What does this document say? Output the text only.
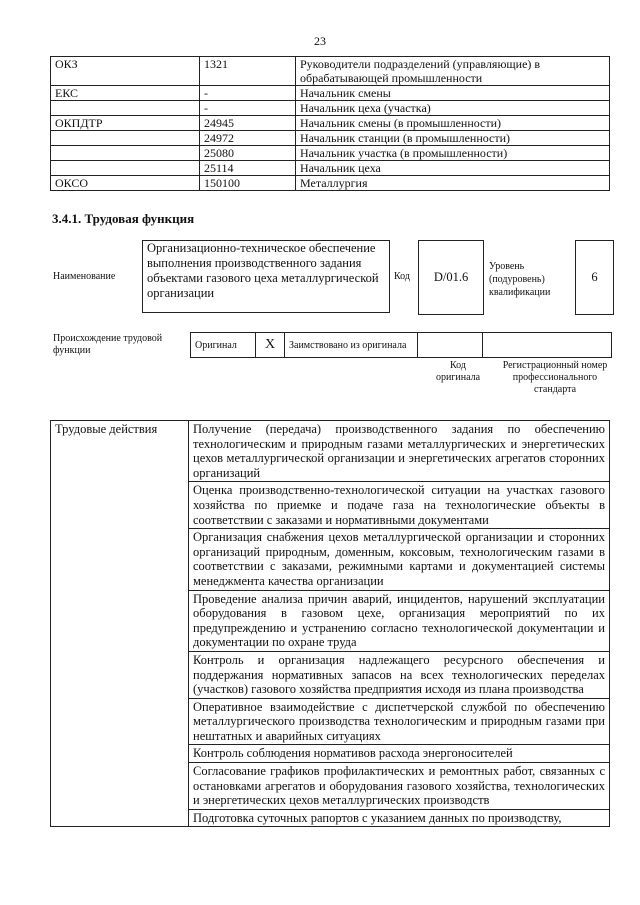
23
ОКЗ	1321	Руководители подразделений (управляющие) в обрабатывающей промышленности
ЕКС	-	Начальник смены
	-	Начальник цеха (участка)
ОКПДТР	24945	Начальник смены (в промышленности)
	24972	Начальник станции (в промышленности)
	25080	Начальник участка (в промышленности)
	25114	Начальник цеха
ОКСО	150100	Металлургия
3.4.1. Трудовая функция
Наименование
Организационно-техническое обеспечение выполнения производственного задания объектами газового цеха металлургической организации
Код	D/01.6
Уровень (подуровень) квалификации
6
Происхождение трудовой функции	Оригинал	X	Заимствовано из оригинала		
Код оригинала
Регистрационный номер профессионального стандарта
Трудовые действия	Получение (передача) производственного задания по обеспечению технологическим и природным газами металлургических и энергетических цехов металлургической организации и энергетических агрегатов сторонних организаций
Оценка производственно-технологической ситуации на участках газового хозяйства по приемке и подаче газа на технологические объекты в соответствии с заказами и нормативными документами
Организация снабжения цехов металлургической организации и сторонних организаций природным, доменным, коксовым, технологическим газами в соответствии с заказами, режимными картами и документацией системы менеджмента качества организации
Проведение анализа причин аварий, инцидентов, нарушений эксплуатации оборудования в газовом цехе, организация мероприятий по их предупреждению и устранению согласно технологической документации и документации по охране труда
Контроль и организация надлежащего ресурсного обеспечения и поддержания нормативных запасов на всех технологических переделах (участков) газового хозяйства предприятия исходя из плана производства
Оперативное взаимодействие с диспетчерской службой по обеспечению металлургического производства технологическим и природным газами при нештатных и аварийных ситуациях
Контроль соблюдения нормативов расхода энергоносителей
Согласование графиков профилактических и ремонтных работ, связанных с остановками агрегатов и оборудования газового хозяйства, технологических и энергетических цехов металлургических производств
Подготовка суточных рапортов с указанием данных по производству,
